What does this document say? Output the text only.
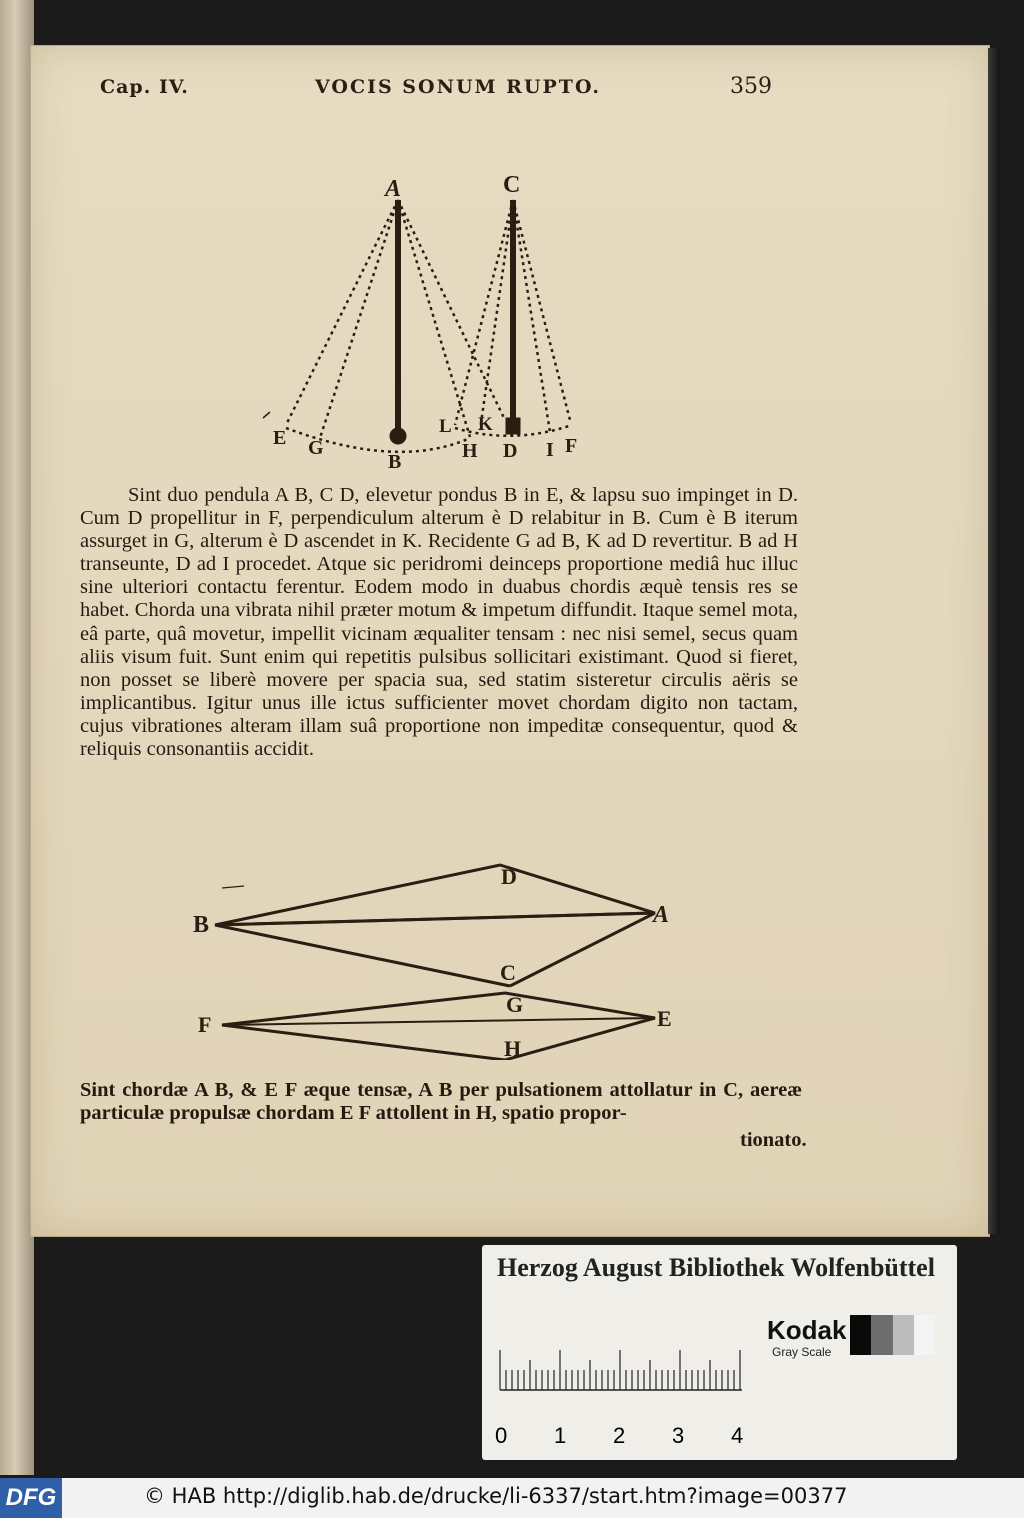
Cap. IV.	VOCIS SONUM RUPTO.	359
A	C
E G
B
L K
H D I F

Sint duo pendula A B, C D, elevetur pondus B in E, & lapsu suo impinget in D. Cum D propellitur in F, perpendiculum alterum è D relabitur in B. Cum è B iterum assurget in G, alterum è D ascendet in K. Recidente G ad B, K ad D revertitur. B ad H transeunte, D ad I procedet. Atque sic peridromi deinceps proportione mediâ huc illuc sine ulteriori contactu ferentur. Eodem modo in duabus chordis æquè tensis res se habet. Chorda una vibrata nihil præter motum & impetum diffundit. Itaque semel mota, eâ parte, quâ movetur, impellit vicinam æqualiter tensam : nec nisi semel, secus quam aliis visum fuit. Sunt enim qui repetitis pulsibus sollicitari existimant. Quod si fieret, non posset se liberè movere per spacia sua, sed statim sisteretur circulis aëris se implicantibus. Igitur unus ille ictus sufficienter movet chordam digito non tactam, cujus vibrationes alteram illam suâ proportione non impeditæ consequentur, quod & reliquis consonantiis accidit.

D
B	A
C
G
F	E
H

Sint chordæ A B, & E F æque tensæ, A B per pulsationem attollatur in C, aereæ particulæ propulsæ chordam E F attollent in H, spatio propor-

tionato.
Herzog August Bibliothek Wolfenbüttel
0 1 2 3 4
Kodak
Gray Scale
DFG	© HAB http://diglib.hab.de/drucke/li-6337/start.htm?image=00377
